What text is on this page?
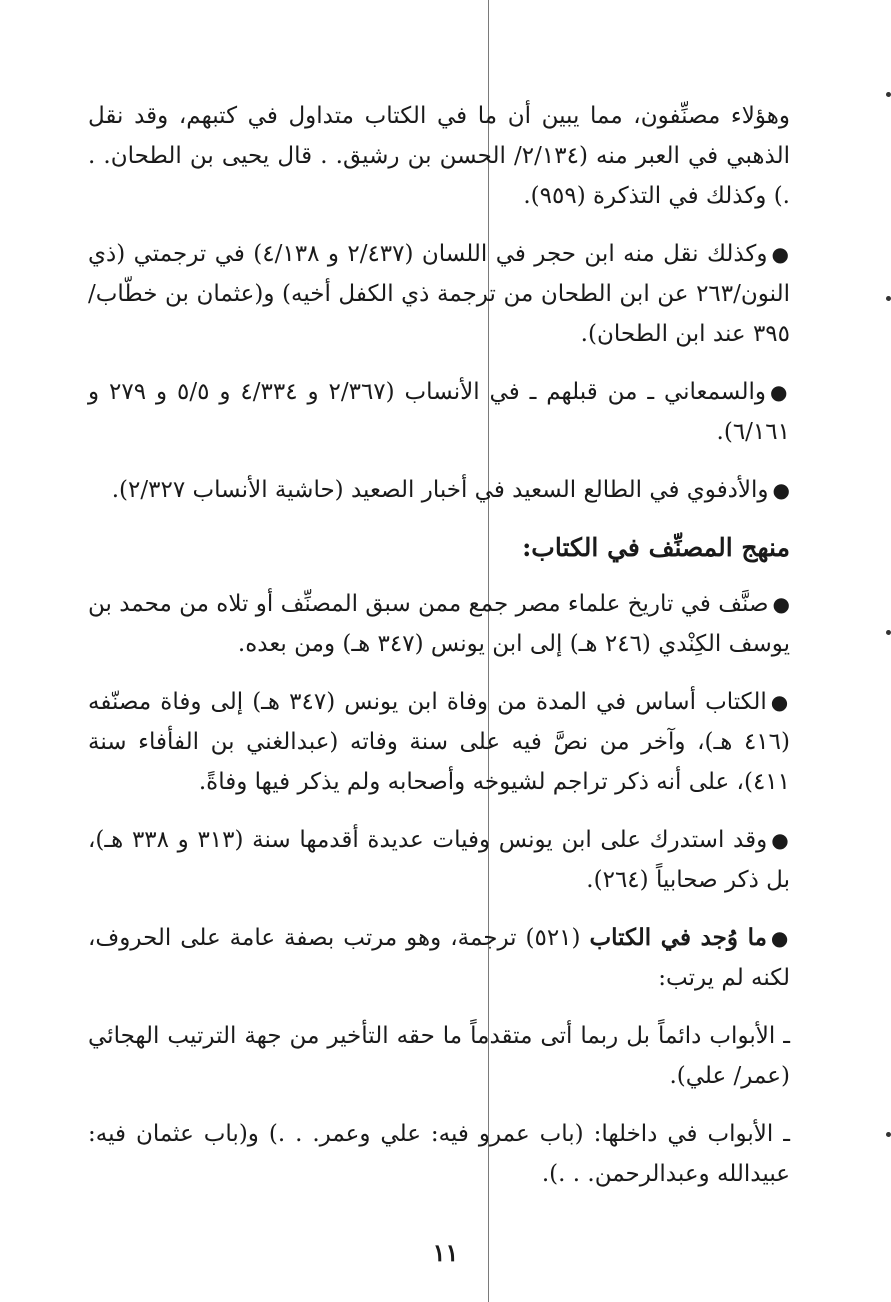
وهؤلاء مصنِّفون، مما يبين أن ما في الكتاب متداول في كتبهم، وقد نقل الذهبي في العبر منه (٢/١٣٤/ الحسن بن رشيق. . قال يحيى بن الطحان. . .) وكذلك في التذكرة (٩٥٩).

●وكذلك نقل منه ابن حجر في اللسان (٢/٤٣٧ و ٤/١٣٨) في ترجمتي (ذي النون/٢٦٣ عن ابن الطحان من ترجمة ذي الكفل أخيه) و(عثمان بن خطّاب/٣٩٥ عند ابن الطحان).

●والسمعاني ـ من قبلهم ـ في الأنساب (٢/٣٦٧ و ٤/٣٣٤ و ٥/٥ و ٢٧٩ و ٦/١٦١).

●والأدفوي في الطالع السعيد في أخبار الصعيد (حاشية الأنساب ٢/٣٢٧).

منهج المصنِّف في الكتاب:

●صنَّف في تاريخ علماء مصر جمع ممن سبق المصنِّف أو تلاه من محمد بن يوسف الكِنْدي (٢٤٦ هـ) إلى ابن يونس (٣٤٧ هـ) ومن بعده.

●الكتاب أساس في المدة من وفاة ابن يونس (٣٤٧ هـ) إلى وفاة مصنّفه (٤١٦ هـ)، وآخر من نصَّ فيه على سنة وفاته (عبدالغني بن الفأفاء سنة ٤١١)، على أنه ذكر تراجم لشيوخه وأصحابه ولم يذكر فيها وفاةً.

●وقد استدرك على ابن يونس وفيات عديدة أقدمها سنة (٣١٣ و ٣٣٨ هـ)، بل ذكر صحابياً (٢٦٤).

●ما وُجد في الكتاب (٥٢١) ترجمة، وهو مرتب بصفة عامة على الحروف، لكنه لم يرتب:

ـ الأبواب دائماً بل ربما أتى متقدماً ما حقه التأخير من جهة الترتيب الهجائي (عمر/ علي).

ـ الأبواب في داخلها: (باب عمرو فيه: علي وعمر. . .) و(باب عثمان فيه: عبيدالله وعبدالرحمن. . .).

١١
